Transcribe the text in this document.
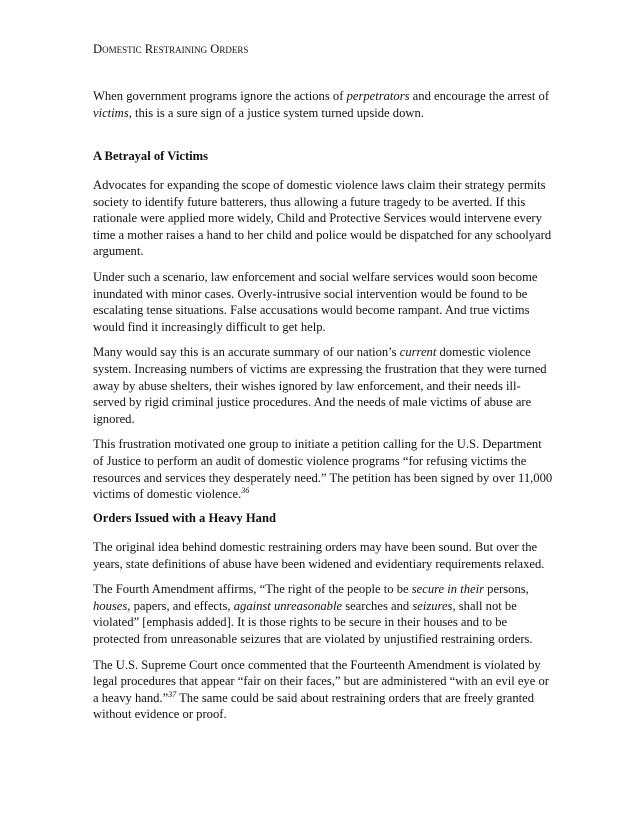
Domestic Restraining Orders

When government programs ignore the actions of perpetrators and encourage the arrest of victims, this is a sure sign of a justice system turned upside down.

A Betrayal of Victims

Advocates for expanding the scope of domestic violence laws claim their strategy permits society to identify future batterers, thus allowing a future tragedy to be averted. If this rationale were applied more widely, Child and Protective Services would intervene every time a mother raises a hand to her child and police would be dispatched for any schoolyard argument.

Under such a scenario, law enforcement and social welfare services would soon become inundated with minor cases. Overly-intrusive social intervention would be found to be escalating tense situations. False accusations would become rampant. And true victims would find it increasingly difficult to get help.

Many would say this is an accurate summary of our nation’s current domestic violence system. Increasing numbers of victims are expressing the frustration that they were turned away by abuse shelters, their wishes ignored by law enforcement, and their needs ill-served by rigid criminal justice procedures. And the needs of male victims of abuse are ignored.

This frustration motivated one group to initiate a petition calling for the U.S. Department of Justice to perform an audit of domestic violence programs “for refusing victims the resources and services they desperately need.” The petition has been signed by over 11,000 victims of domestic violence.$^{36}$

Orders Issued with a Heavy Hand

The original idea behind domestic restraining orders may have been sound. But over the years, state definitions of abuse have been widened and evidentiary requirements relaxed.

The Fourth Amendment affirms, “The right of the people to be secure in their persons, houses, papers, and effects, against unreasonable searches and seizures, shall not be violated” [emphasis added]. It is those rights to be secure in their houses and to be protected from unreasonable seizures that are violated by unjustified restraining orders.

The U.S. Supreme Court once commented that the Fourteenth Amendment is violated by legal procedures that appear “fair on their faces,” but are administered “with an evil eye or a heavy hand.”$^{37}$ The same could be said about restraining orders that are freely granted without evidence or proof.
